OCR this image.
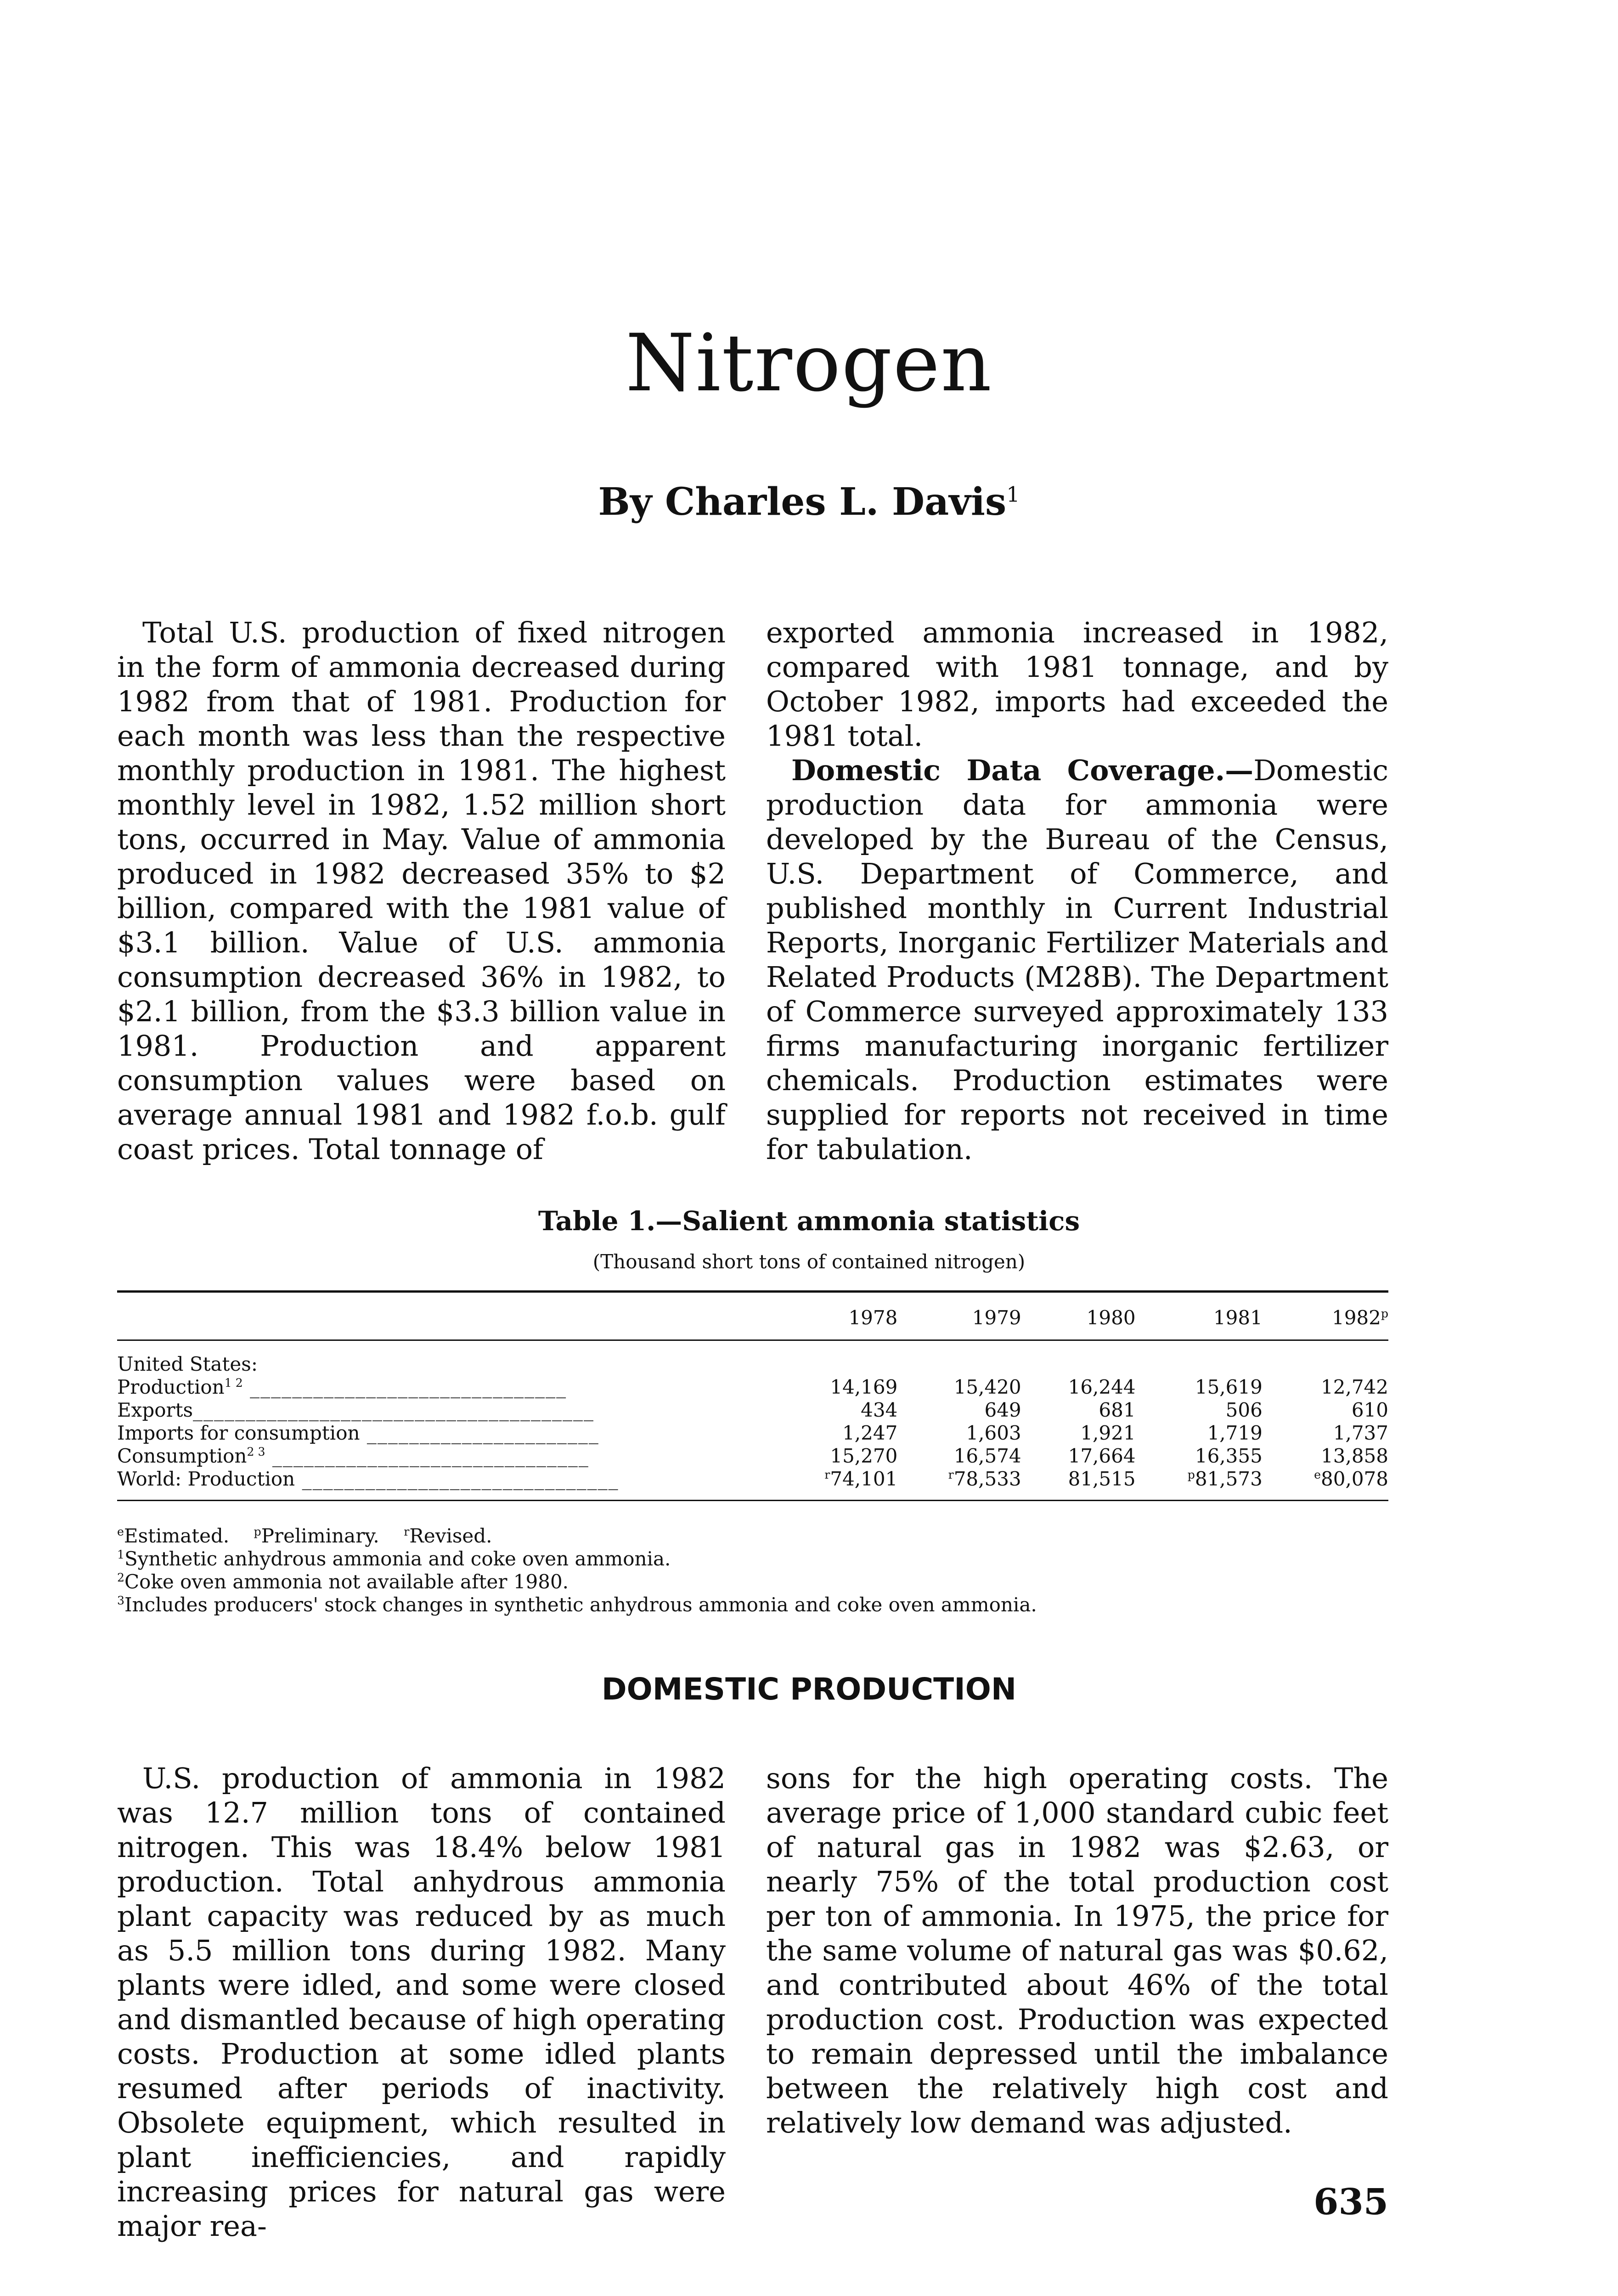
Nitrogen
By Charles L. Davis$^1$

Total U.S. production of fixed nitrogen in the form of ammonia decreased during 1982 from that of 1981. Production for each month was less than the respective monthly production in 1981. The highest monthly level in 1982, 1.52 million short tons, occurred in May. Value of ammonia produced in 1982 decreased 35% to $2 billion, compared with the 1981 value of $3.1 billion. Value of U.S. ammonia consumption decreased 36% in 1982, to $2.1 billion, from the $3.3 billion value in 1981. Production and apparent consumption values were based on average annual 1981 and 1982 f.o.b. gulf coast prices. Total tonnage of

exported ammonia increased in 1982, compared with 1981 tonnage, and by October 1982, imports had exceeded the 1981 total.

Domestic Data Coverage.—Domestic production data for ammonia were developed by the Bureau of the Census, U.S. Department of Commerce, and published monthly in Current Industrial Reports, Inorganic Fertilizer Materials and Related Products (M28B). The Department of Commerce surveyed approximately 133 firms manufacturing inorganic fertilizer chemicals. Production estimates were supplied for reports not received in time for tabulation.

Table 1.—Salient ammonia statistics
(Thousand short tons of contained nitrogen)
	1978	1979	1980	1981	1982$^p$
United States:					
Production$^{1 2}$ ______________________________	14,169	15,420	16,244	15,619	12,742
Exports______________________________________	434	649	681	506	610
Imports for consumption ______________________	1,247	1,603	1,921	1,719	1,737
Consumption$^{2 3}$ ______________________________	15,270	16,574	17,664	16,355	13,858
World: Production ______________________________	$^r$74,101	$^r$78,533	81,515	$^p$81,573	$^e$80,078
$^e$Estimated. $^p$Preliminary. $^r$Revised.
$^1$Synthetic anhydrous ammonia and coke oven ammonia.
$^2$Coke oven ammonia not available after 1980.
$^3$Includes producers' stock changes in synthetic anhydrous ammonia and coke oven ammonia.
DOMESTIC PRODUCTION

U.S. production of ammonia in 1982 was 12.7 million tons of contained nitrogen. This was 18.4% below 1981 production. Total anhydrous ammonia plant capacity was reduced by as much as 5.5 million tons during 1982. Many plants were idled, and some were closed and dismantled because of high operating costs. Production at some idled plants resumed after periods of inactivity. Obsolete equipment, which resulted in plant inefficiencies, and rapidly increasing prices for natural gas were major rea-

sons for the high operating costs. The average price of 1,000 standard cubic feet of natural gas in 1982 was $2.63, or nearly 75% of the total production cost per ton of ammonia. In 1975, the price for the same volume of natural gas was $0.62, and contributed about 46% of the total production cost. Production was expected to remain depressed until the imbalance between the relatively high cost and relatively low demand was adjusted.

635
